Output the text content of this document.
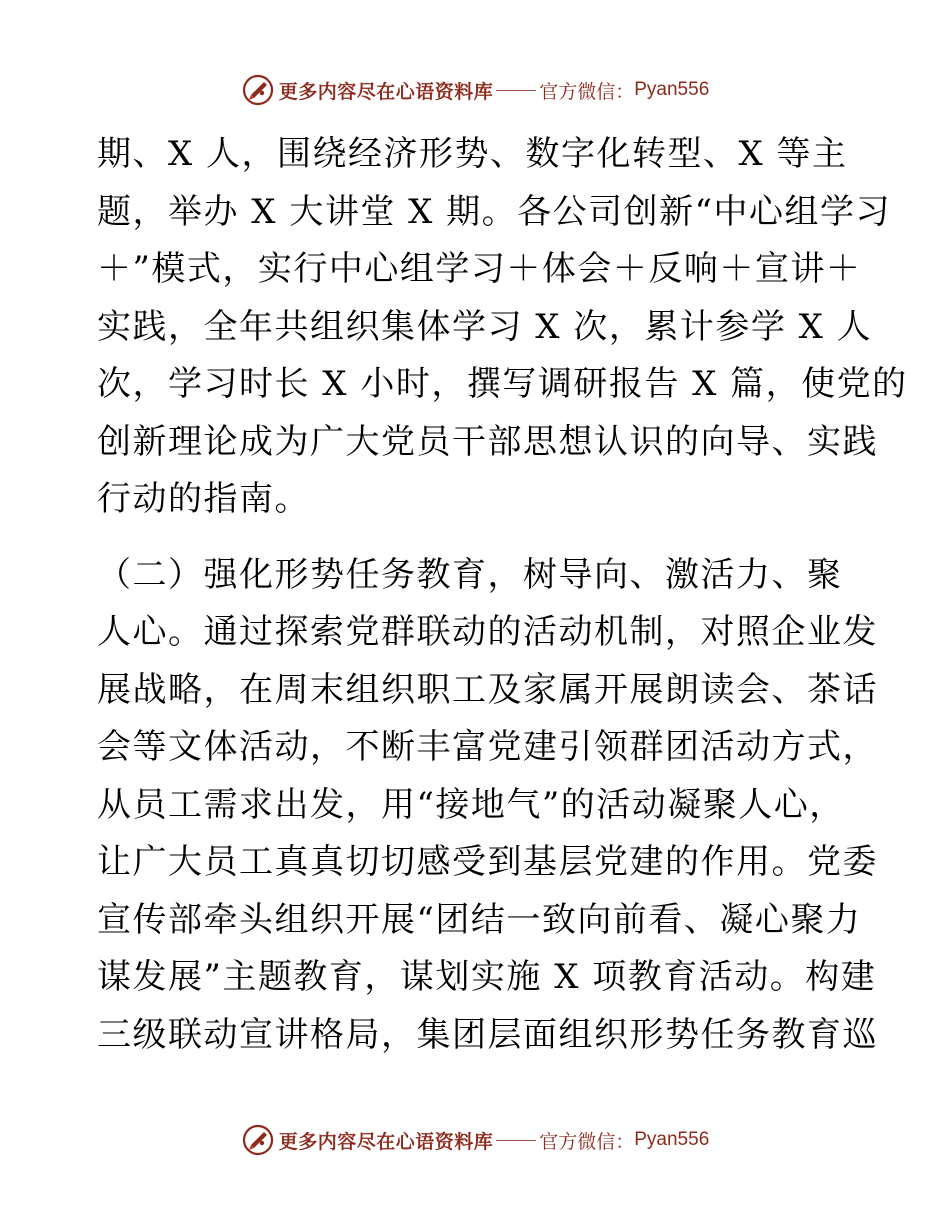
更多内容尽在心语资料库 官方微信： Pyan556
期、X 人，围绕经济形势、数字化转型、X 等主
题，举办 X 大讲堂 X 期。各公司创新“中心组学习
＋”模式，实行中心组学习＋体会＋反响＋宣讲＋
实践，全年共组织集体学习 X 次，累计参学 X 人
次，学习时长 X 小时，撰写调研报告 X 篇，使党的
创新理论成为广大党员干部思想认识的向导、实践
行动的指南。
（二）强化形势任务教育，树导向、激活力、聚
人心。通过探索党群联动的活动机制，对照企业发
展战略，在周末组织职工及家属开展朗读会、茶话
会等文体活动，不断丰富党建引领群团活动方式，
从员工需求出发，用“接地气”的活动凝聚人心，
让广大员工真真切切感受到基层党建的作用。党委
宣传部牵头组织开展“团结一致向前看、凝心聚力
谋发展”主题教育，谋划实施 X 项教育活动。构建
三级联动宣讲格局，集团层面组织形势任务教育巡
更多内容尽在心语资料库 官方微信： Pyan556
